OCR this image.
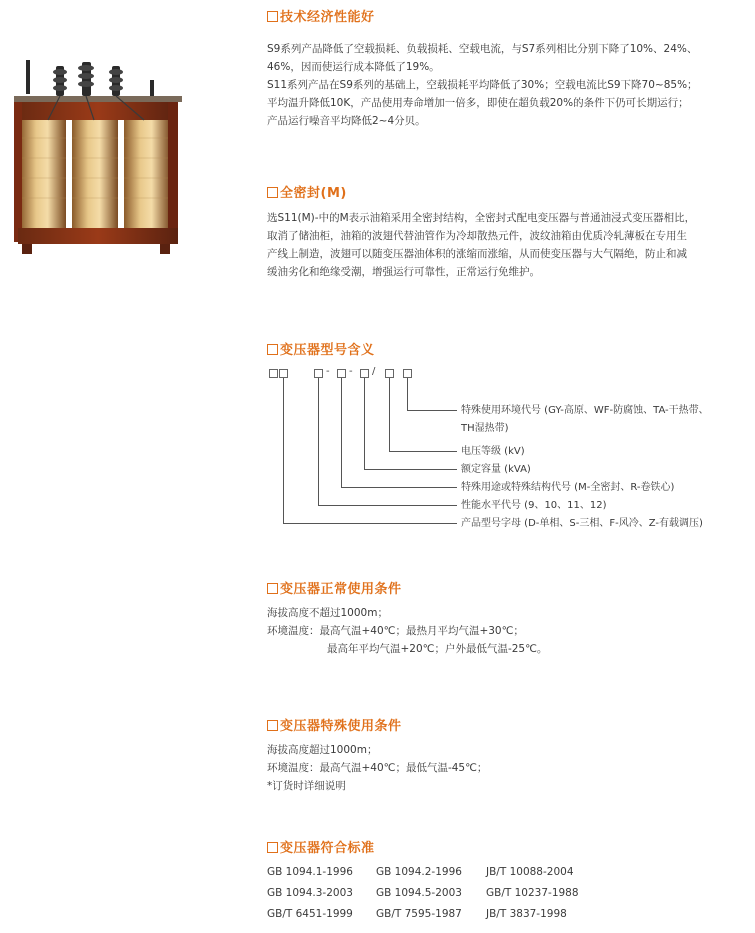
技术经济性能好
S9系列产品降低了空载损耗、负载损耗、空载电流，与S7系列相比分别下降了10%、24%、
46%，因而使运行成本降低了19%。
S11系列产品在S9系列的基础上，空载损耗平均降低了30%；空载电流比S9下降70~85%；
平均温升降低10K，产品使用寿命增加一倍多，即使在超负载20%的条件下仍可长期运行；
产品运行噪音平均降低2~4分贝。
全密封(M)
选S11(M)-中的M表示油箱采用全密封结构，全密封式配电变压器与普通油浸式变压器相比，
取消了储油柜，油箱的波翅代替油管作为冷却散热元件，波纹油箱由优质冷轧薄板在专用生
产线上制造，波翅可以随变压器油体积的涨缩而涨缩，从而使变压器与大气隔绝，防止和减
缓油劣化和绝缘受潮，增强运行可靠性，正常运行免维护。
变压器型号含义
- - /
特殊使用环境代号 (GY-高原、WF-防腐蚀、TA-干热带、
TH湿热带)
电压等级 (kV)
额定容量 (kVA)
特殊用途或特殊结构代号 (M-全密封、R-卷铁心)
性能水平代号 (9、10、11、12)
产品型号字母 (D-单相、S-三相、F-风冷、Z-有载调压)
变压器正常使用条件
海拔高度不超过1000m；
环境温度：最高气温+40℃；最热月平均气温+30℃；
最高年平均气温+20℃；户外最低气温-25℃。
变压器特殊使用条件
海拔高度超过1000m；
环境温度：最高气温+40℃；最低气温-45℃；
*订货时详细说明
变压器符合标准
GB 1094.1-1996 GB 1094.2-1996 JB/T 10088-2004
GB 1094.3-2003 GB 1094.5-2003 GB/T 10237-1988
GB/T 6451-1999 GB/T 7595-1987 JB/T 3837-1998
